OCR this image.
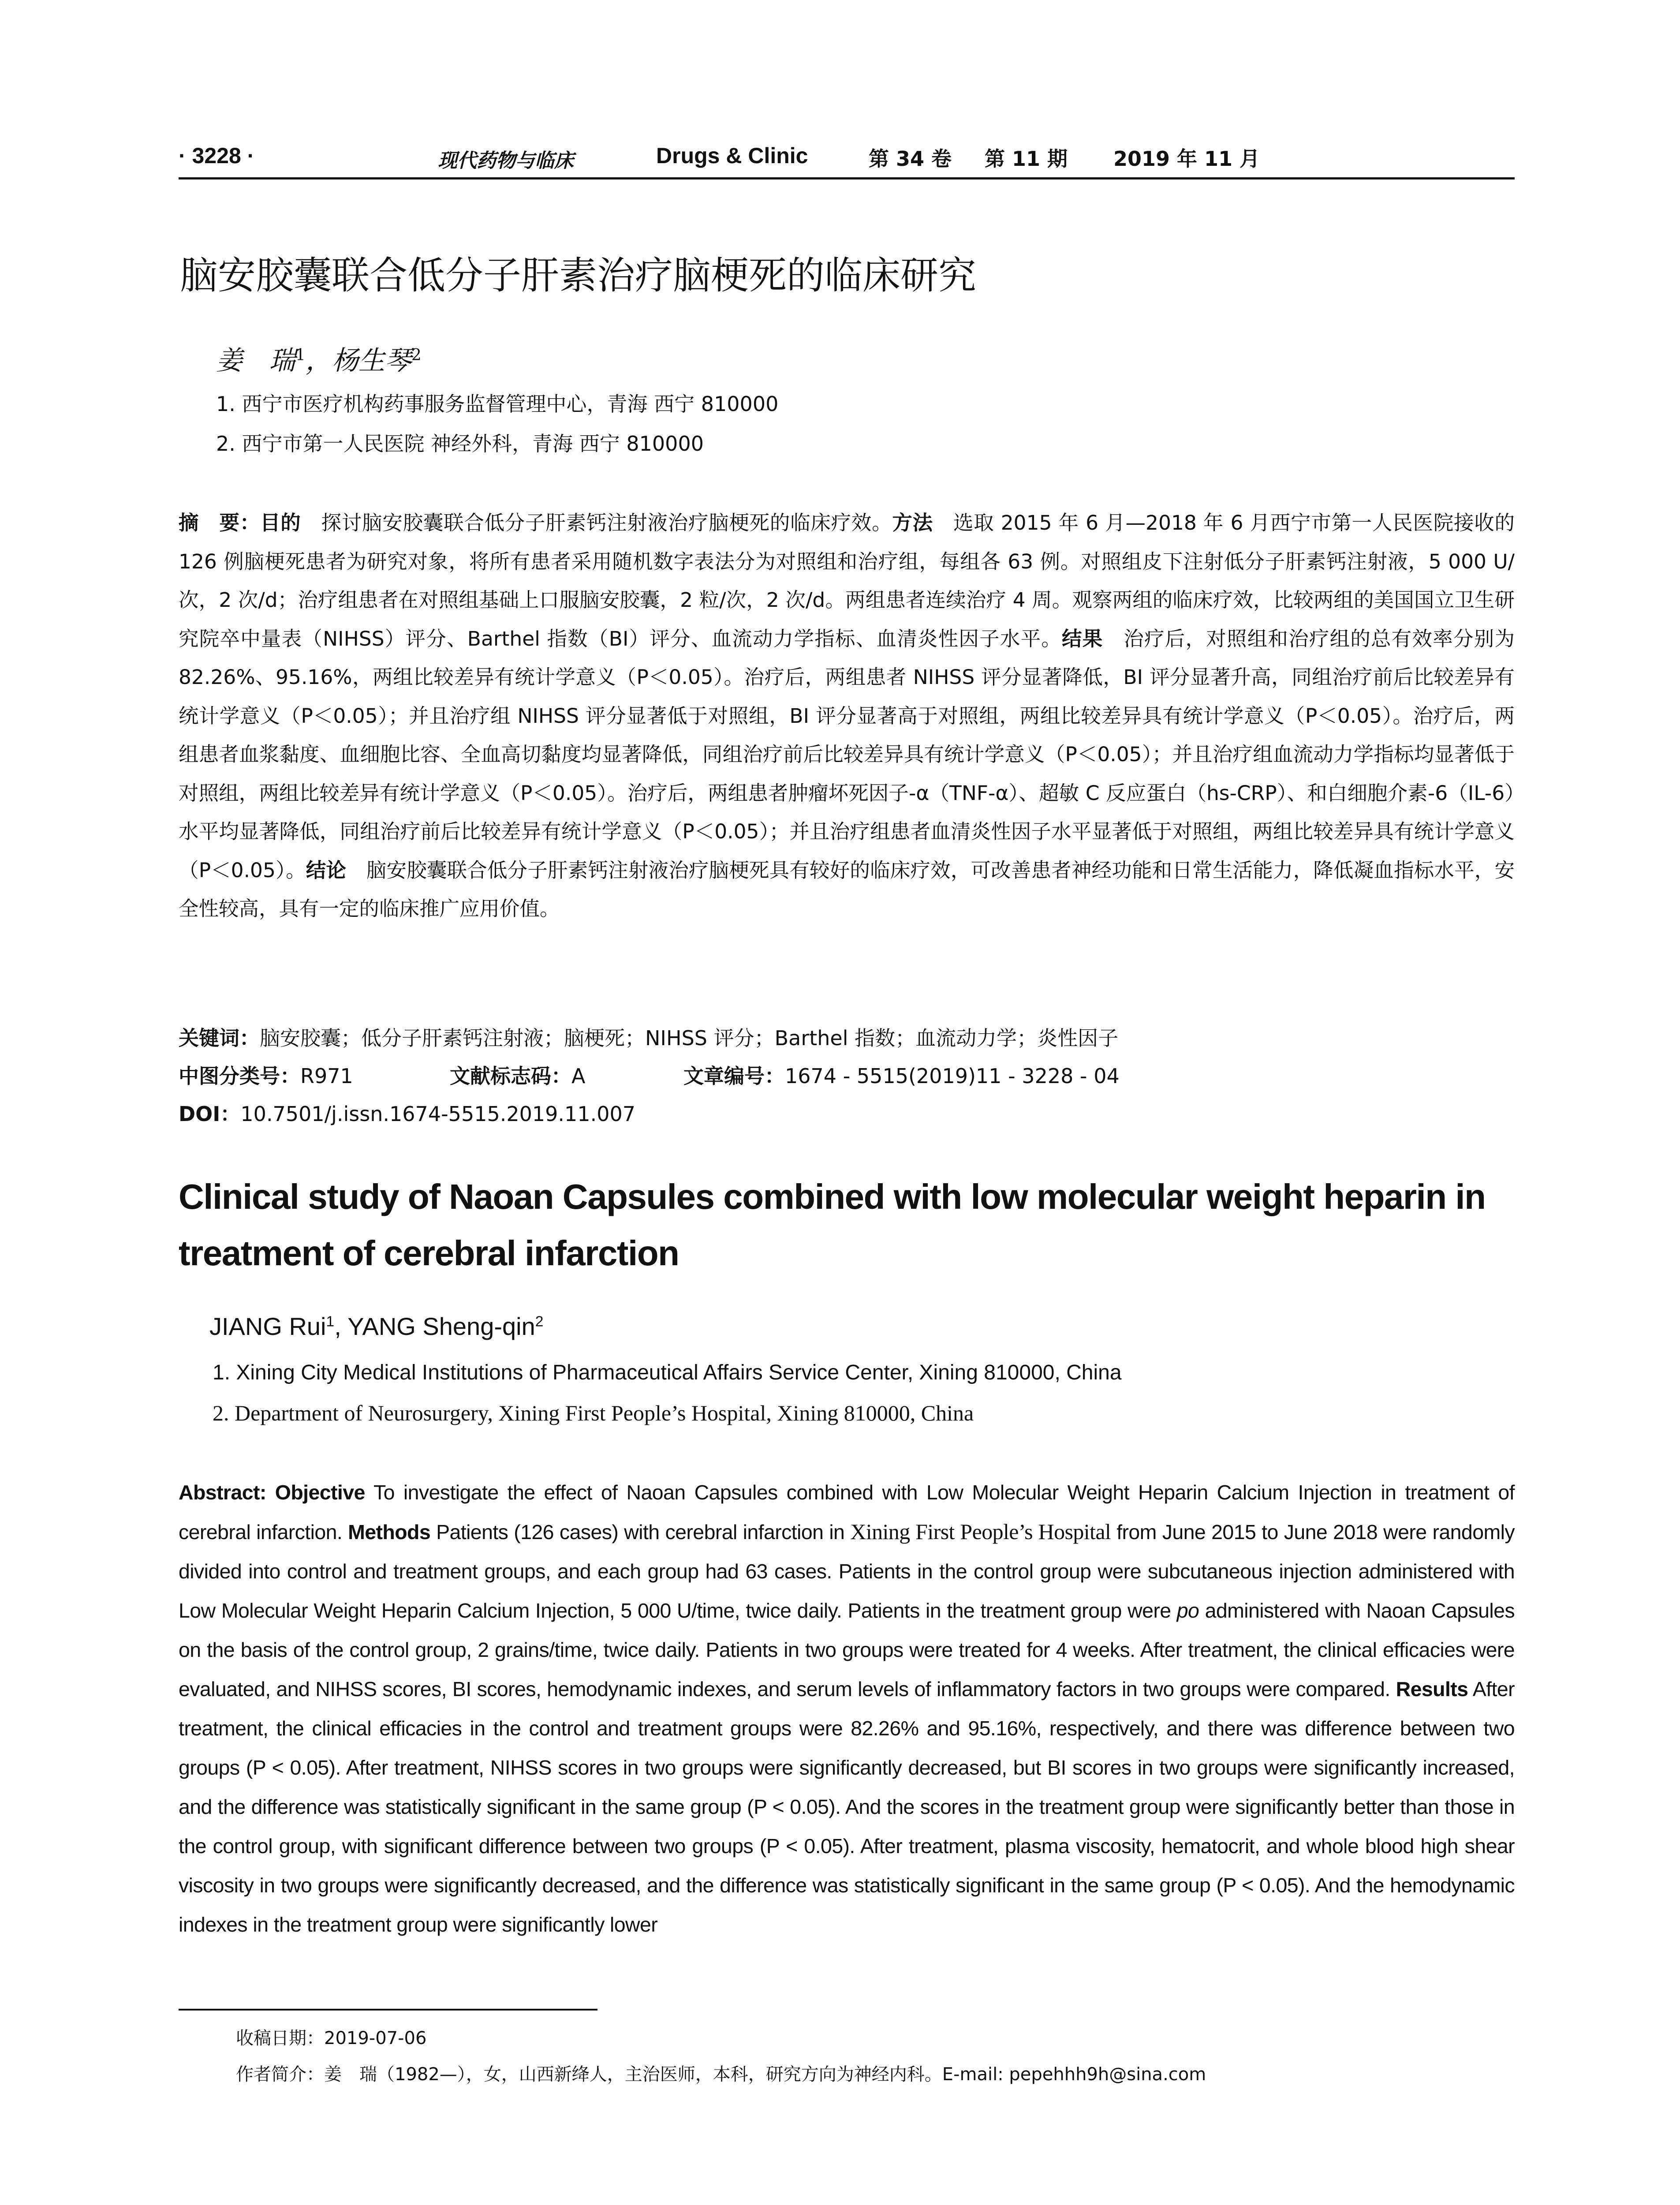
· 3228 ·	现代药物与临床	Drugs & Clinic	第 34 卷 第 11 期 2019 年 11 月
脑安胶囊联合低分子肝素治疗脑梗死的临床研究
姜　瑞$^1$，杨生琴$^2$
1. 西宁市医疗机构药事服务监督管理中心，青海 西宁 810000
2. 西宁市第一人民医院 神经外科，青海 西宁 810000
摘　要：目的　探讨脑安胶囊联合低分子肝素钙注射液治疗脑梗死的临床疗效。方法　选取 2015 年 6 月—2018 年 6 月西宁市第一人民医院接收的 126 例脑梗死患者为研究对象，将所有患者采用随机数字表法分为对照组和治疗组，每组各 63 例。对照组皮下注射低分子肝素钙注射液，5 000 U/次，2 次/d；治疗组患者在对照组基础上口服脑安胶囊，2 粒/次，2 次/d。两组患者连续治疗 4 周。观察两组的临床疗效，比较两组的美国国立卫生研究院卒中量表（NIHSS）评分、Barthel 指数（BI）评分、血流动力学指标、血清炎性因子水平。结果　治疗后，对照组和治疗组的总有效率分别为 82.26%、95.16%，两组比较差异有统计学意义（P＜0.05）。治疗后，两组患者 NIHSS 评分显著降低，BI 评分显著升高，同组治疗前后比较差异有统计学意义（P＜0.05）；并且治疗组 NIHSS 评分显著低于对照组，BI 评分显著高于对照组，两组比较差异具有统计学意义（P＜0.05）。治疗后，两组患者血浆黏度、血细胞比容、全血高切黏度均显著降低，同组治疗前后比较差异具有统计学意义（P＜0.05）；并且治疗组血流动力学指标均显著低于对照组，两组比较差异有统计学意义（P＜0.05）。治疗后，两组患者肿瘤坏死因子-α（TNF-α）、超敏 C 反应蛋白（hs-CRP）、和白细胞介素-6（IL-6）水平均显著降低，同组治疗前后比较差异有统计学意义（P＜0.05）；并且治疗组患者血清炎性因子水平显著低于对照组，两组比较差异具有统计学意义（P＜0.05）。结论　脑安胶囊联合低分子肝素钙注射液治疗脑梗死具有较好的临床疗效，可改善患者神经功能和日常生活能力，降低凝血指标水平，安全性较高，具有一定的临床推广应用价值。
关键词：脑安胶囊；低分子肝素钙注射液；脑梗死；NIHSS 评分；Barthel 指数；血流动力学；炎性因子
中图分类号：R971	文献标志码：A	文章编号：1674 - 5515(2019)11 - 3228 - 04
DOI：10.7501/j.issn.1674-5515.2019.11.007
Clinical study of Naoan Capsules combined with low molecular weight heparin in treatment of cerebral infarction
JIANG Rui$^1$, YANG Sheng-qin$^2$
1. Xining City Medical Institutions of Pharmaceutical Affairs Service Center, Xining 810000, China
2. Department of Neurosurgery, Xining First People’s Hospital, Xining 810000, China
Abstract: Objective To investigate the effect of Naoan Capsules combined with Low Molecular Weight Heparin Calcium Injection in treatment of cerebral infarction. Methods Patients (126 cases) with cerebral infarction in Xining First People’s Hospital from June 2015 to June 2018 were randomly divided into control and treatment groups, and each group had 63 cases. Patients in the control group were subcutaneous injection administered with Low Molecular Weight Heparin Calcium Injection, 5 000 U/time, twice daily. Patients in the treatment group were po administered with Naoan Capsules on the basis of the control group, 2 grains/time, twice daily. Patients in two groups were treated for 4 weeks. After treatment, the clinical efficacies were evaluated, and NIHSS scores, BI scores, hemodynamic indexes, and serum levels of inflammatory factors in two groups were compared. Results After treatment, the clinical efficacies in the control and treatment groups were 82.26% and 95.16%, respectively, and there was difference between two groups (P < 0.05). After treatment, NIHSS scores in two groups were significantly decreased, but BI scores in two groups were significantly increased, and the difference was statistically significant in the same group (P < 0.05). And the scores in the treatment group were significantly better than those in the control group, with significant difference between two groups (P < 0.05). After treatment, plasma viscosity, hematocrit, and whole blood high shear viscosity in two groups were significantly decreased, and the difference was statistically significant in the same group (P < 0.05). And the hemodynamic indexes in the treatment group were significantly lower
收稿日期：2019-07-06
作者简介：姜　瑞（1982—），女，山西新绛人，主治医师，本科，研究方向为神经内科。E-mail: pepehhh9h@sina.com
